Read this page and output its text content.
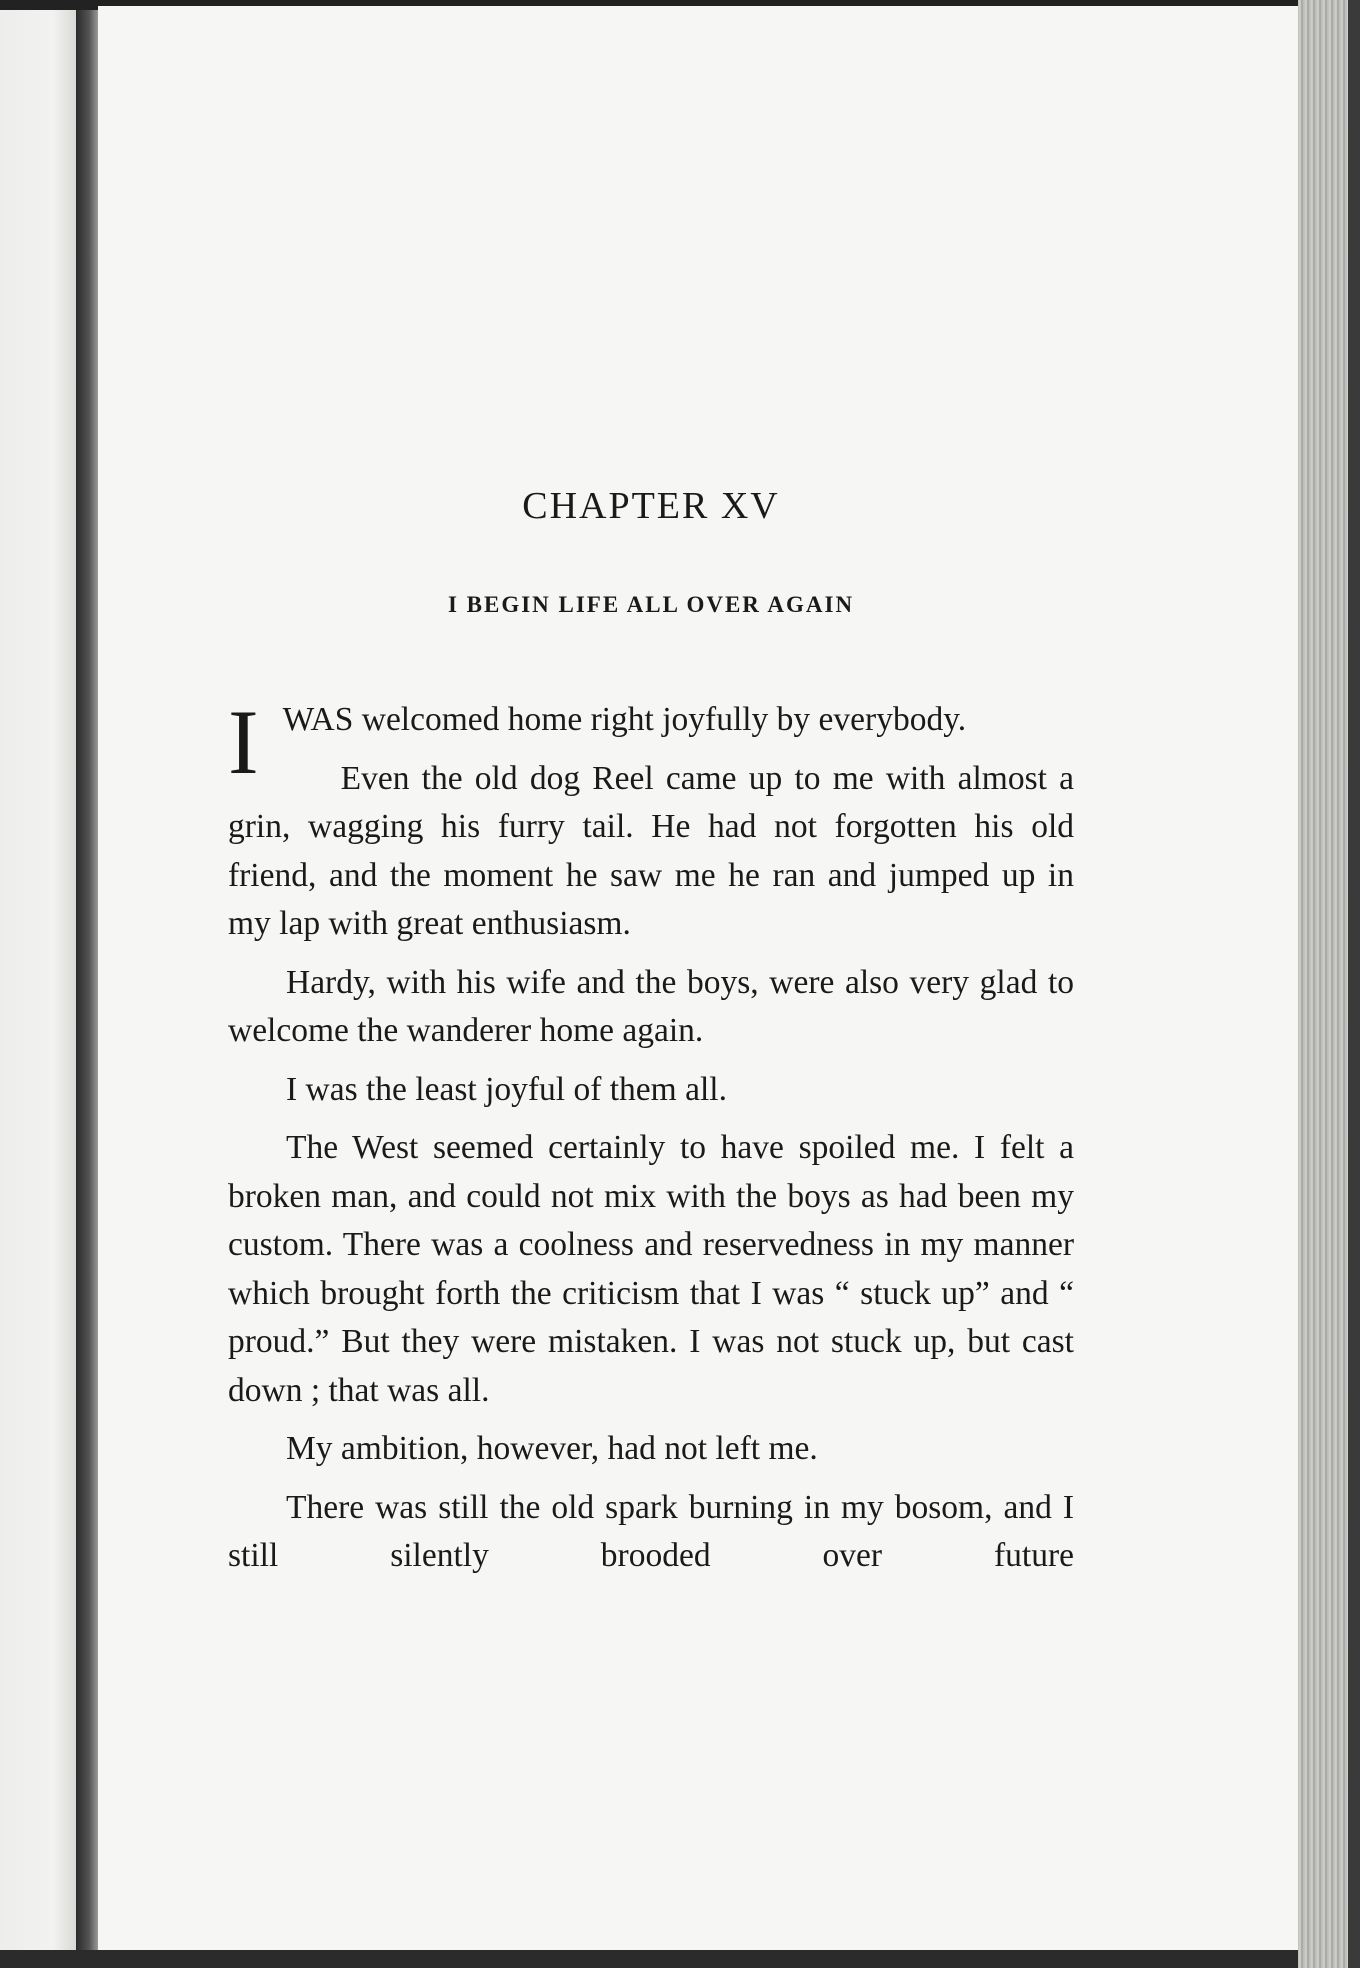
CHAPTER XV
I BEGIN LIFE ALL OVER AGAIN

IWAS welcomed home right joyfully by everybody.

Even the old dog Reel came up to me with almost a grin, wagging his furry tail. He had not forgotten his old friend, and the moment he saw me he ran and jumped up in my lap with great enthusiasm.

Hardy, with his wife and the boys, were also very glad to welcome the wanderer home again.

I was the least joyful of them all.

The West seemed certainly to have spoiled me. I felt a broken man, and could not mix with the boys as had been my custom. There was a coolness and reservedness in my manner which brought forth the criticism that I was “ stuck up” and “ proud.” But they were mistaken. I was not stuck up, but cast down ; that was all.

My ambition, however, had not left me.

There was still the old spark burning in my bosom, and I still silently brooded over future
